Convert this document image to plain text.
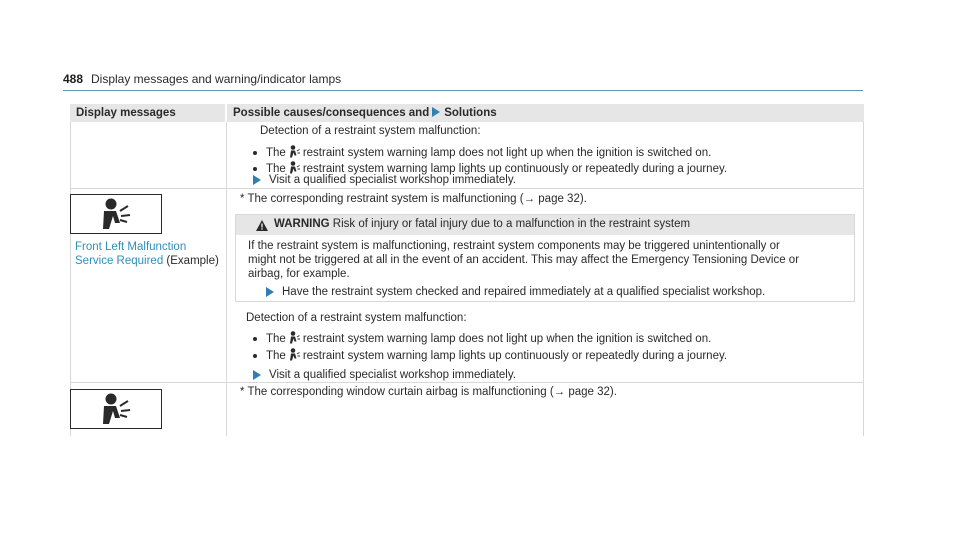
488 Display messages and warning/indicator lamps
Display messages	Possible causes/consequences and Solutions
Detection of a restraint system malfunction:
The restraint system warning lamp does not light up when the ignition is switched on.
The restraint system warning lamp lights up continuously or repeatedly during a journey.
Visit a qualified specialist workshop immediately.
Front Left Malfunction
Service Required (Example)
* The corresponding restraint system is malfunctioning (→ page 32).
WARNING Risk of injury or fatal injury due to a malfunction in the restraint system
If the restraint system is malfunctioning, restraint system components may be triggered unintentionally or
might not be triggered at all in the event of an accident. This may affect the Emergency Tensioning Device or
airbag, for example.
Have the restraint system checked and repaired immediately at a qualified specialist workshop.
Detection of a restraint system malfunction:
The restraint system warning lamp does not light up when the ignition is switched on.
The restraint system warning lamp lights up continuously or repeatedly during a journey.
Visit a qualified specialist workshop immediately.
* The corresponding window curtain airbag is malfunctioning (→ page 32).
